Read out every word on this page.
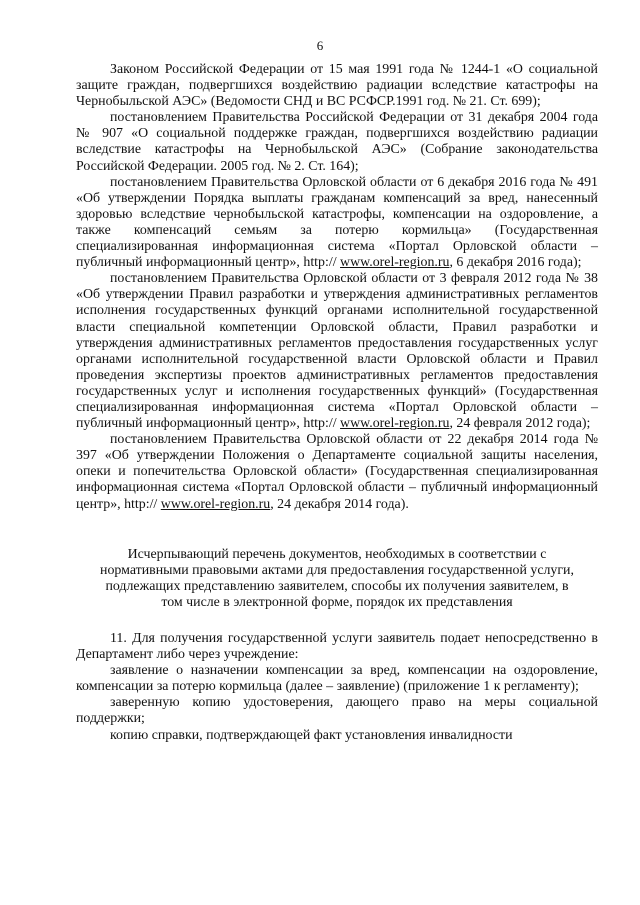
6

Законом Российской Федерации от 15 мая 1991 года № 1244-1 «О социальной защите граждан, подвергшихся воздействию радиации вследствие катастрофы на Чернобыльской АЭС» (Ведомости СНД и ВС РСФСР.1991 год. № 21. Ст. 699);

постановлением Правительства Российской Федерации от 31 декабря 2004 года № 907 «О социальной поддержке граждан, подвергшихся воздействию радиации вследствие катастрофы на Чернобыльской АЭС» (Собрание законодательства Российской Федерации. 2005 год. № 2. Ст. 164);

постановлением Правительства Орловской области от 6 декабря 2016 года № 491 «Об утверждении Порядка выплаты гражданам компенсаций за вред, нанесенный здоровью вследствие чернобыльской катастрофы, компенсации на оздоровление, а также компенсаций семьям за потерю кормильца» (Государственная специализированная информационная система «Портал Орловской области – публичный информационный центр», http:// www.orel-region.ru, 6 декабря 2016 года);

постановлением Правительства Орловской области от 3 февраля 2012 года № 38 «Об утверждении Правил разработки и утверждения административных регламентов исполнения государственных функций органами исполнительной государственной власти специальной компетенции Орловской области, Правил разработки и утверждения административных регламентов предоставления государственных услуг органами исполнительной государственной власти Орловской области и Правил проведения экспертизы проектов административных регламентов предоставления государственных услуг и исполнения государственных функций» (Государственная специализированная информационная система «Портал Орловской области – публичный информационный центр», http:// www.orel-region.ru, 24 февраля 2012 года);

постановлением Правительства Орловской области от 22 декабря 2014 года № 397 «Об утверждении Положения о Департаменте социальной защиты населения, опеки и попечительства Орловской области» (Государственная специализированная информационная система «Портал Орловской области – публичный информационный центр», http:// www.orel-region.ru, 24 декабря 2014 года).

Исчерпывающий перечень документов, необходимых в соответствии с

нормативными правовыми актами для предоставления государственной услуги,

подлежащих представлению заявителем, способы их получения заявителем, в

том числе в электронной форме, порядок их представления

11. Для получения государственной услуги заявитель подает непосредственно в Департамент либо через учреждение:

заявление о назначении компенсации за вред, компенсации на оздоровление, компенсации за потерю кормильца (далее – заявление) (приложение 1 к регламенту);

заверенную копию удостоверения, дающего право на меры социальной поддержки;

копию справки, подтверждающей факт установления инвалидности
